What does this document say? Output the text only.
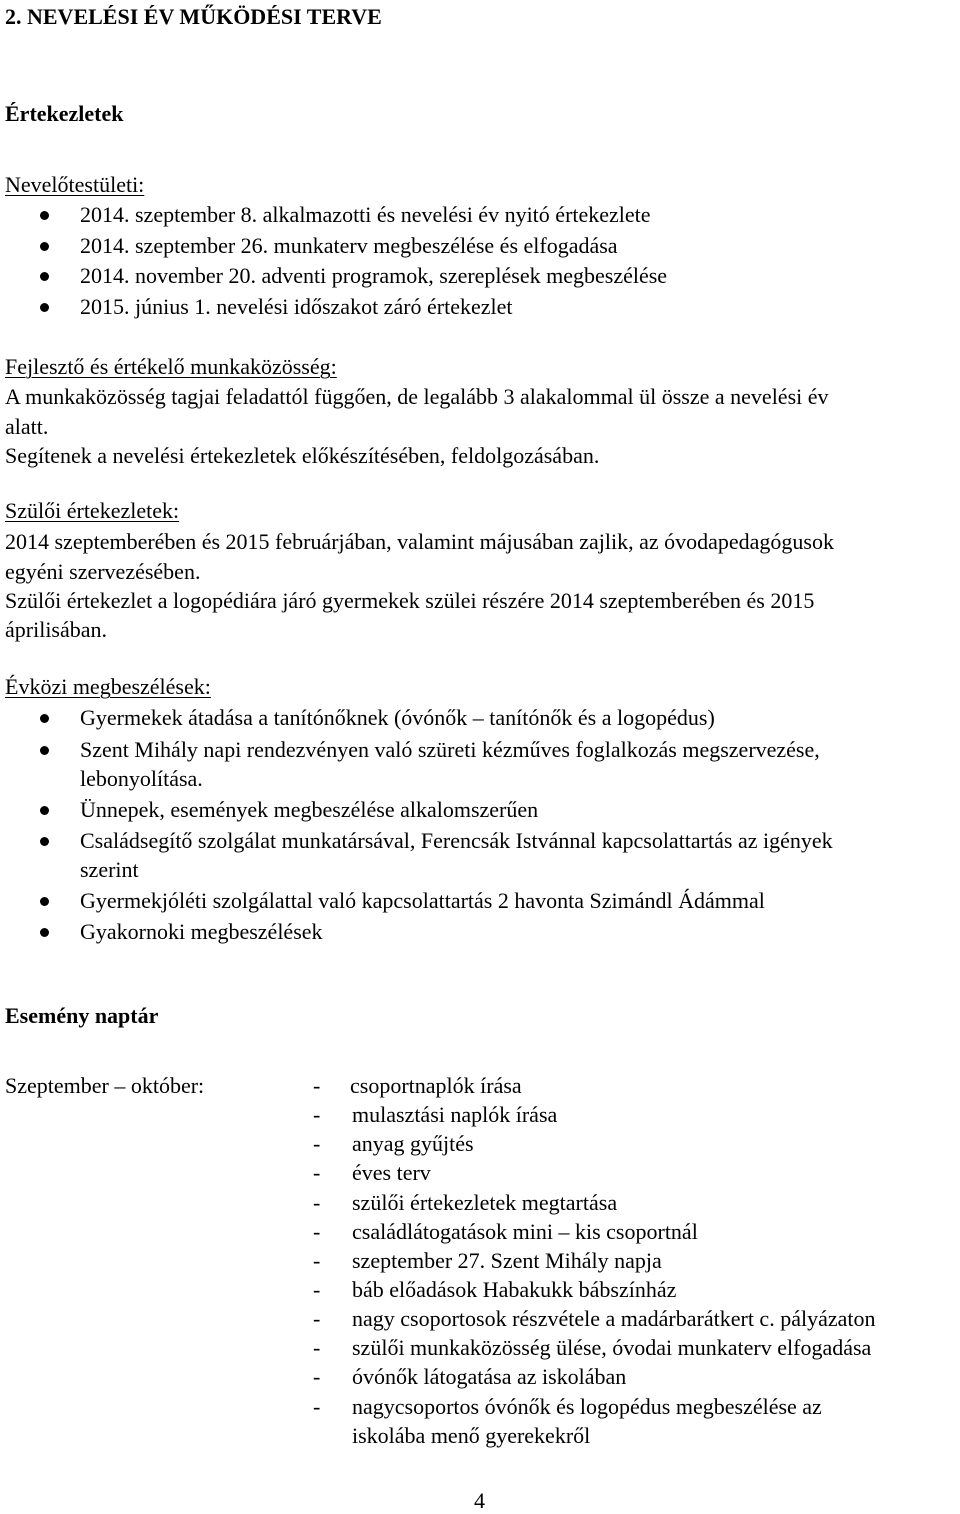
2. NEVELÉSI ÉV MŰKÖDÉSI TERVE
Értekezletek
Nevelőtestületi:
2014. szeptember 8. alkalmazotti és nevelési év nyitó értekezlete
2014. szeptember 26. munkaterv megbeszélése és elfogadása
2014. november 20. adventi programok, szereplések megbeszélése
2015. június 1. nevelési időszakot záró értekezlet
Fejlesztő és értékelő munkaközösség:
A munkaközösség tagjai feladattól függően, de legalább 3 alakalommal ül össze a nevelési év
alatt.
Segítenek a nevelési értekezletek előkészítésében, feldolgozásában.
Szülői értekezletek:
2014 szeptemberében és 2015 februárjában, valamint májusában zajlik, az óvodapedagógusok
egyéni szervezésében.
Szülői értekezlet a logopédiára járó gyermekek szülei részére 2014 szeptemberében és 2015
áprilisában.
Évközi megbeszélések:
Gyermekek átadása a tanítónőknek (óvónők – tanítónők és a logopédus)
Szent Mihály napi rendezvényen való szüreti kézműves foglalkozás megszervezése,
lebonyolítása.
Ünnepek, események megbeszélése alkalomszerűen
Családsegítő szolgálat munkatársával, Ferencsák Istvánnal kapcsolattartás az igények
szerint
Gyermekjóléti szolgálattal való kapcsolattartás 2 havonta Szimándl Ádámmal
Gyakornoki megbeszélések
Esemény naptár
Szeptember – október:	- csoportnaplók írása
- mulasztási naplók írása
- anyag gyűjtés
- éves terv
- szülői értekezletek megtartása
- családlátogatások mini – kis csoportnál
- szeptember 27. Szent Mihály napja
- báb előadások Habakukk bábszínház
- nagy csoportosok részvétele a madárbarátkert c. pályázaton
- szülői munkaközösség ülése, óvodai munkaterv elfogadása
- óvónők látogatása az iskolában
- nagycsoportos óvónők és logopédus megbeszélése az
iskolába menő gyerekekről
4
